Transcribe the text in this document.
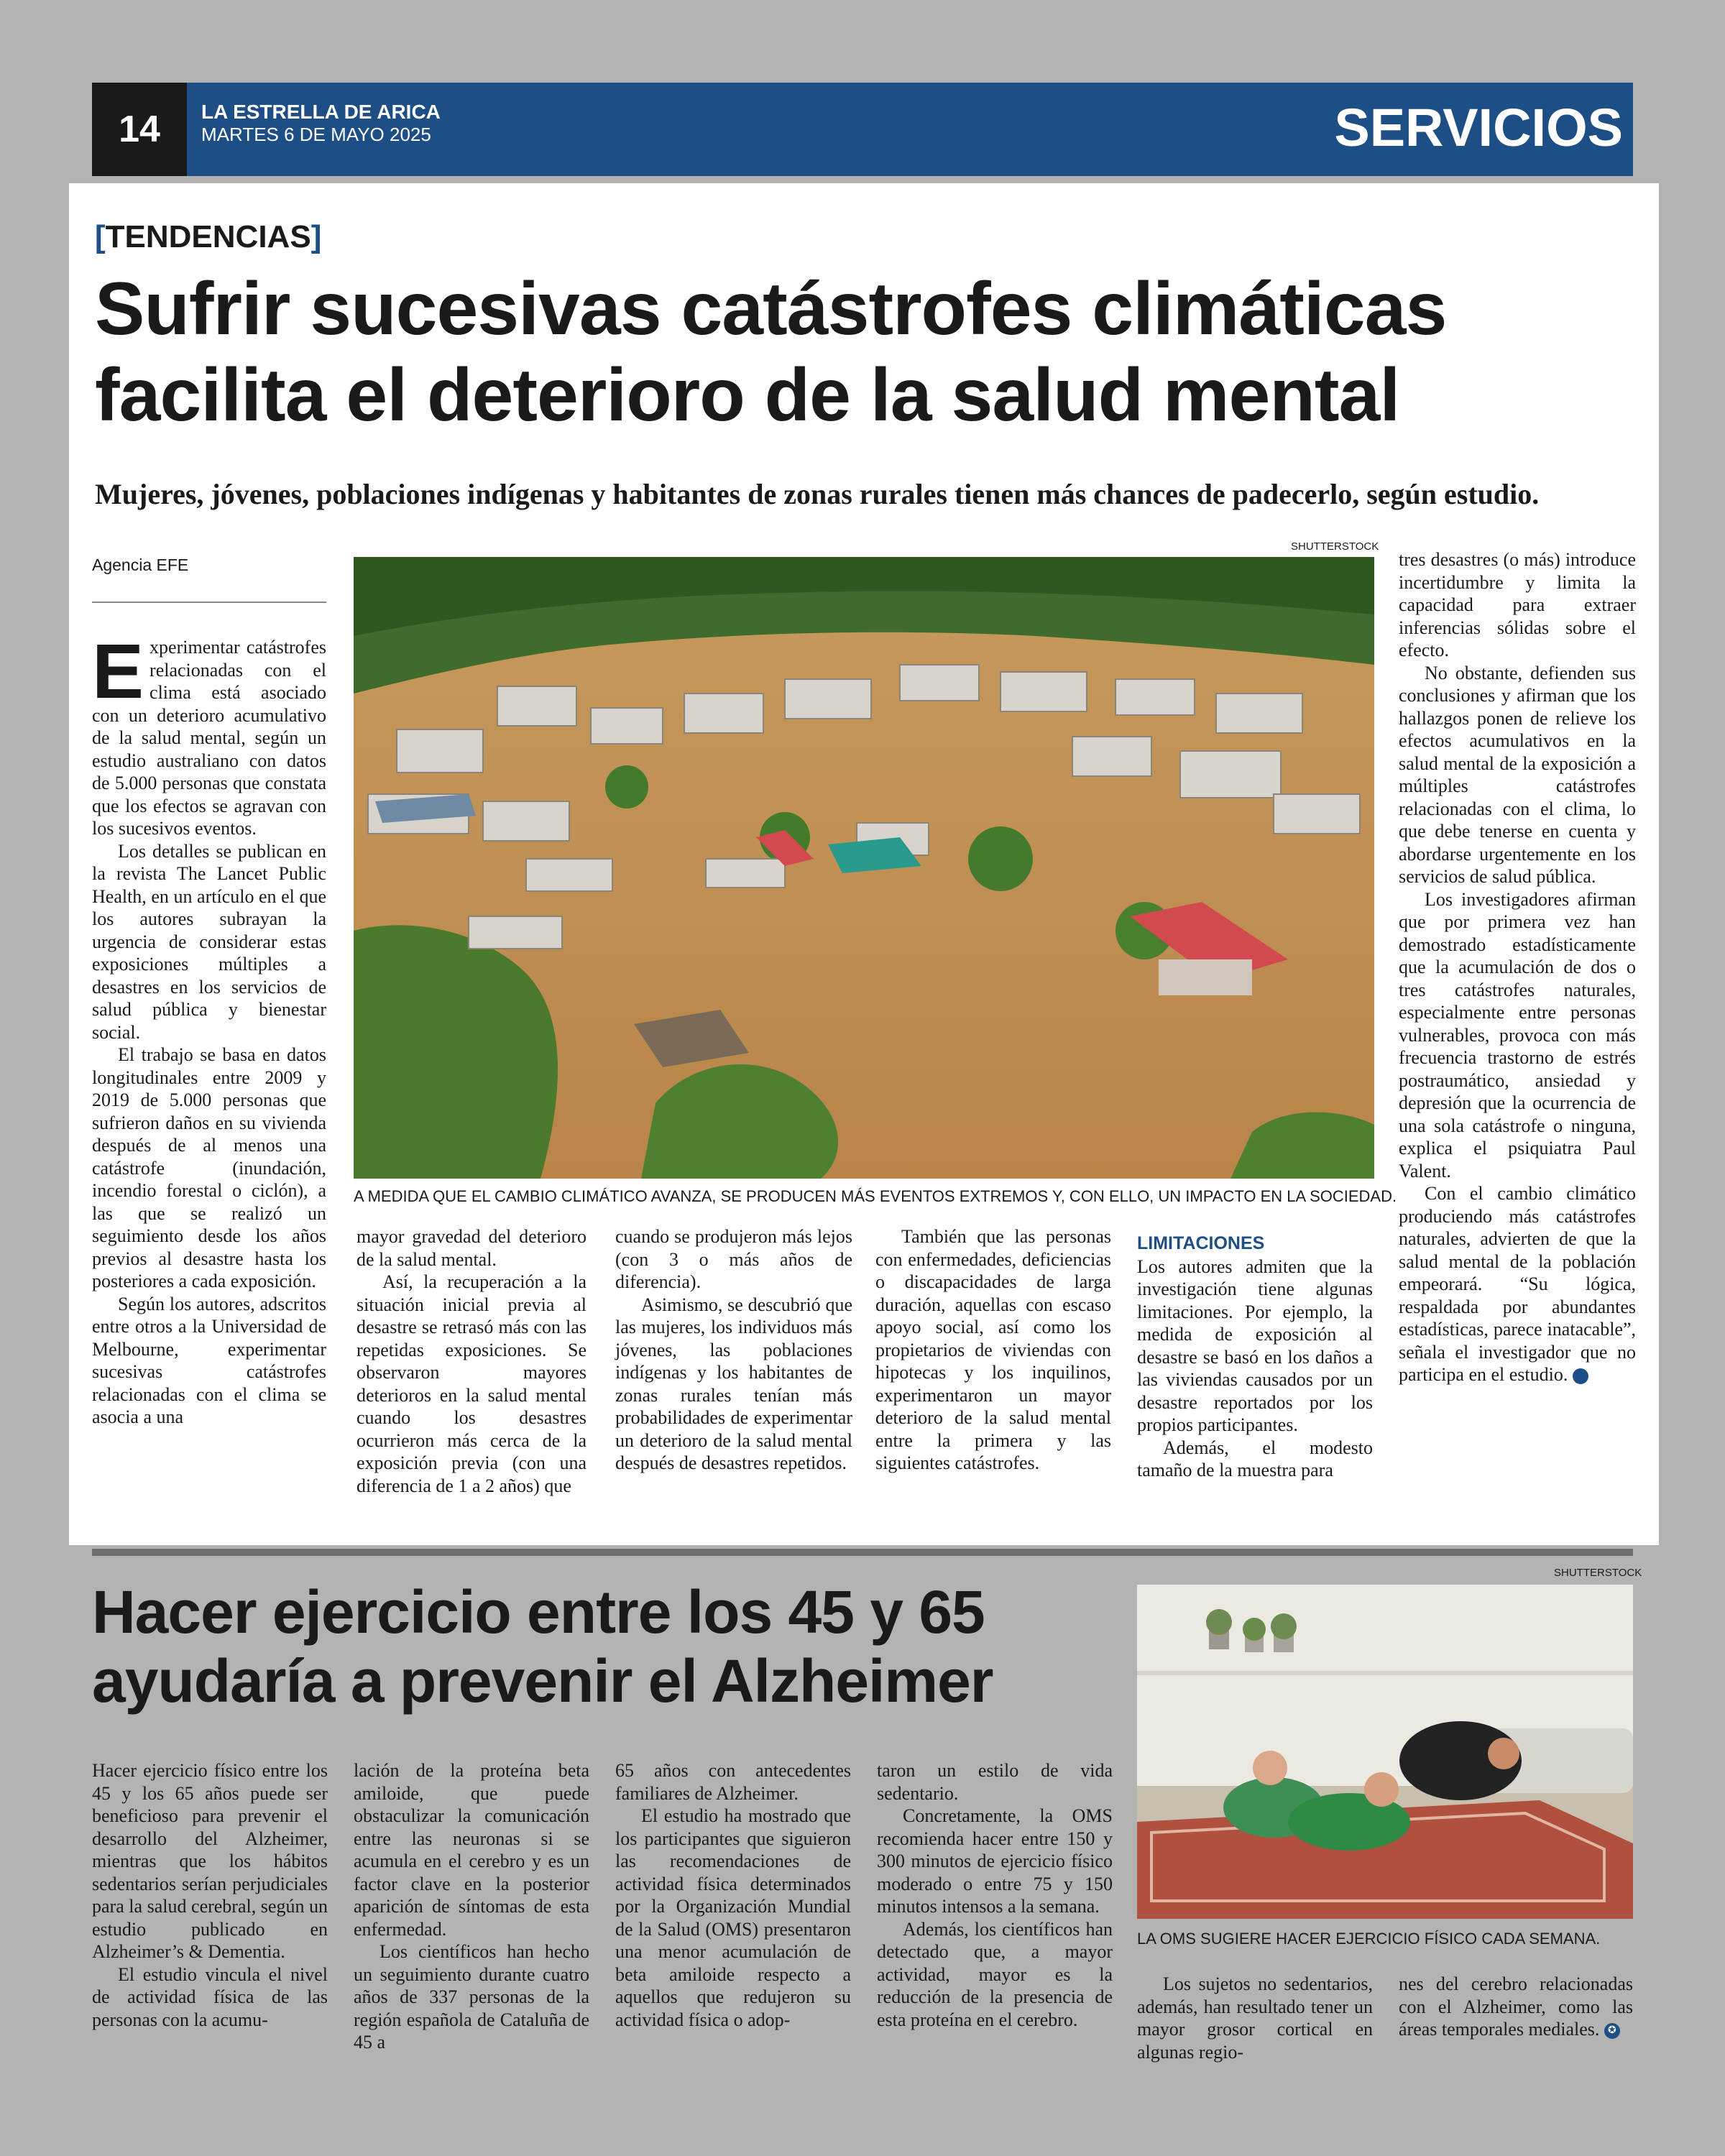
14	LA ESTRELLA DE ARICA
MARTES 6 DE MAYO 2025	SERVICIOS
[TENDENCIAS]
Sufrir sucesivas catástrofes climáticas facilita el deterioro de la salud mental
Mujeres, jóvenes, poblaciones indígenas y habitantes de zonas rurales tienen más chances de padecerlo, según estudio.
Agencia EFE
SHUTTERSTOCK
A MEDIDA QUE EL CAMBIO CLIMÁTICO AVANZA, SE PRODUCEN MÁS EVENTOS EXTREMOS Y, CON ELLO, UN IMPACTO EN LA SOCIEDAD.

Experimentar catástrofes relacionadas con el clima está asociado con un deterioro acumulativo de la salud mental, según un estudio australiano con datos de 5.000 personas que constata que los efectos se agravan con los sucesivos eventos.

Los detalles se publican en la revista The Lancet Public Health, en un artículo en el que los autores subrayan la urgencia de considerar estas exposiciones múltiples a desastres en los servicios de salud pública y bienestar social.

El trabajo se basa en datos longitudinales entre 2009 y 2019 de 5.000 personas que sufrieron daños en su vivienda después de al menos una catástrofe (inundación, incendio forestal o ciclón), a las que se realizó un seguimiento desde los años previos al desastre hasta los posteriores a cada exposición.

Según los autores, adscritos entre otros a la Universidad de Melbourne, experimentar sucesivas catástrofes relacionadas con el clima se asocia a una

mayor gravedad del deterioro de la salud mental.

Así, la recuperación a la situación inicial previa al desastre se retrasó más con las repetidas exposiciones. Se observaron mayores deterioros en la salud mental cuando los desastres ocurrieron más cerca de la exposición previa (con una diferencia de 1 a 2 años) que

cuando se produjeron más lejos (con 3 o más años de diferencia).

Asimismo, se descubrió que las mujeres, los individuos más jóvenes, las poblaciones indígenas y los habitantes de zonas rurales tenían más probabilidades de experimentar un deterioro de la salud mental después de desastres repetidos.

También que las personas con enfermedades, deficiencias o discapacidades de larga duración, aquellas con escaso apoyo social, así como los propietarios de viviendas con hipotecas y los inquilinos, experimentaron un mayor deterioro de la salud mental entre la primera y las siguientes catástrofes.

LIMITACIONES

Los autores admiten que la investigación tiene algunas limitaciones. Por ejemplo, la medida de exposición al desastre se basó en los daños a las viviendas causados por un desastre reportados por los propios participantes.

Además, el modesto tamaño de la muestra para

tres desastres (o más) introduce incertidumbre y limita la capacidad para extraer inferencias sólidas sobre el efecto.

No obstante, defienden sus conclusiones y afirman que los hallazgos ponen de relieve los efectos acumulativos en la salud mental de la exposición a múltiples catástrofes relacionadas con el clima, lo que debe tenerse en cuenta y abordarse urgentemente en los servicios de salud pública.

Los investigadores afirman que por primera vez han demostrado estadísticamente que la acumulación de dos o tres catástrofes naturales, especialmente entre personas vulnerables, provoca con más frecuencia trastorno de estrés postraumático, ansiedad y depresión que la ocurrencia de una sola catástrofe o ninguna, explica el psiquiatra Paul Valent.

Con el cambio climático produciendo más catástrofes naturales, advierten de que la salud mental de la población empeorará. “Su lógica, respaldada por abundantes estadísticas, parece inatacable”, señala el investigador que no participa en el estudio.	✪

Hacer ejercicio entre los 45 y 65 ayudaría a prevenir el Alzheimer
SHUTTERSTOCK
LA OMS SUGIERE HACER EJERCICIO FÍSICO CADA SEMANA.

Hacer ejercicio físico entre los 45 y los 65 años puede ser beneficioso para prevenir el desarrollo del Alzheimer, mientras que los hábitos sedentarios serían perjudiciales para la salud cerebral, según un estudio publicado en Alzheimer’s & Dementia.

El estudio vincula el nivel de actividad física de las personas con la acumu-

lación de la proteína beta amiloide, que puede obstaculizar la comunicación entre las neuronas si se acumula en el cerebro y es un factor clave en la posterior aparición de síntomas de esta enfermedad.

Los científicos han hecho un seguimiento durante cuatro años de 337 personas de la región española de Cataluña de 45 a

65 años con antecedentes familiares de Alzheimer.

El estudio ha mostrado que los participantes que siguieron las recomendaciones de actividad física determinados por la Organización Mundial de la Salud (OMS) presentaron una menor acumulación de beta amiloide respecto a aquellos que redujeron su actividad física o adop-

taron un estilo de vida sedentario.

Concretamente, la OMS recomienda hacer entre 150 y 300 minutos de ejercicio físico moderado o entre 75 y 150 minutos intensos a la semana.

Además, los científicos han detectado que, a mayor actividad, mayor es la reducción de la presencia de esta proteína en el cerebro.

Los sujetos no sedentarios, además, han resultado tener un mayor grosor cortical en algunas regio-

nes del cerebro relacionadas con el Alzheimer, como las áreas temporales mediales. ✪
